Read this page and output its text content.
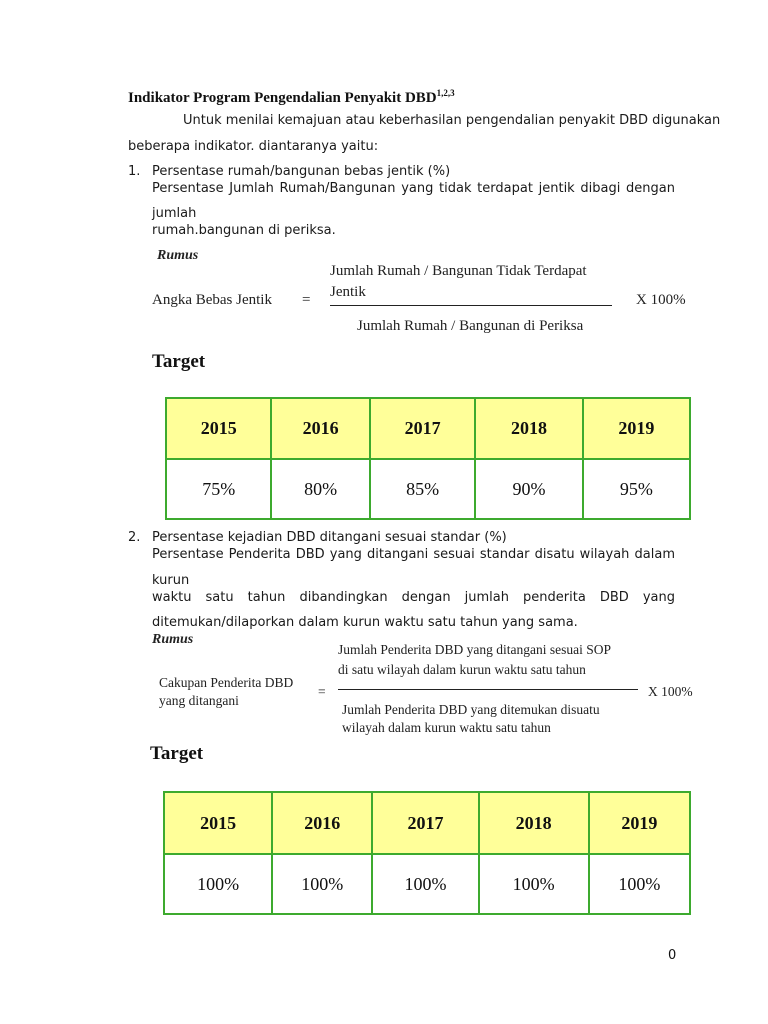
Indikator Program Pengendalian Penyakit DBD$^{1,2,3}$
Untuk menilai kemajuan atau keberhasilan pengendalian penyakit DBD digunakan
beberapa indikator. diantaranya yaitu:
1. Persentase rumah/bangunan bebas jentik (%)
Persentase Jumlah Rumah/Bangunan yang tidak terdapat jentik dibagi dengan
jumlah
rumah.bangunan di periksa.
Rumus
Jumlah Rumah / Bangunan Tidak Terdapat
Jentik
Angka Bebas Jentik =	X 100%
Jumlah Rumah / Bangunan di Periksa
Target
2015	2016	2017	2018	2019
75%	80%	85%	90%	95%
2. Persentase kejadian DBD ditangani sesuai standar (%)
Persentase Penderita DBD yang ditangani sesuai standar disatu wilayah dalam
kurun
waktu satu tahun dibandingkan dengan jumlah penderita DBD yang
ditemukan/dilaporkan dalam kurun waktu satu tahun yang sama.
Rumus
Jumlah Penderita DBD yang ditangani sesuai SOP
di satu wilayah dalam kurun waktu satu tahun
Cakupan Penderita DBD
yang ditangani
=	X 100%
Jumlah Penderita DBD yang ditemukan disuatu
wilayah dalam kurun waktu satu tahun
Target
2015	2016	2017	2018	2019
100%	100%	100%	100%	100%
0
